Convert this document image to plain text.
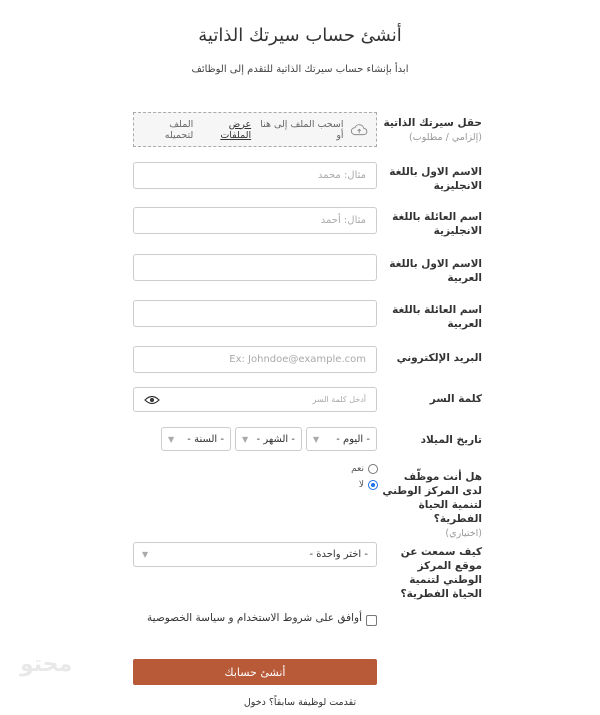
أنشئ حساب سيرتك الذاتية
ابدأ بإنشاء حساب سيرتك الذاتية للتقدم إلى الوظائف
حقل سيرتك الذاتية
(إلزامي / مطلوب)
اسحب الملف إلى هنا أو
عرض الملفات
الملف لتحميله
الاسم الاول باللغة الانجليزية
مثال: محمد
اسم العائلة باللغة الانجليزية
مثال: أحمد
الاسم الاول باللغة العربية
اسم العائلة باللغة العربية
البريد الإلكتروني
Ex: Johndoe@example.com
كلمة السر
أدخل كلمة السر
تاريخ الميلاد
- اليوم -
▼
- الشهر -
▼
- السنة -
▼
هل أنت موظّف لدى المركز الوطني لتنمية الحياة الفطرية؟
(اختياري)
نعم
لا
كيف سمعت عن موقع المركز الوطني لتنمية الحياة الفطرية؟
- اختر واحدة -
▼
أوافق على شروط الاستخدام و سياسة الخصوصية
محتو	أنشئ حسابك
تقدمت لوظيفة سابقاً؟ دخول
